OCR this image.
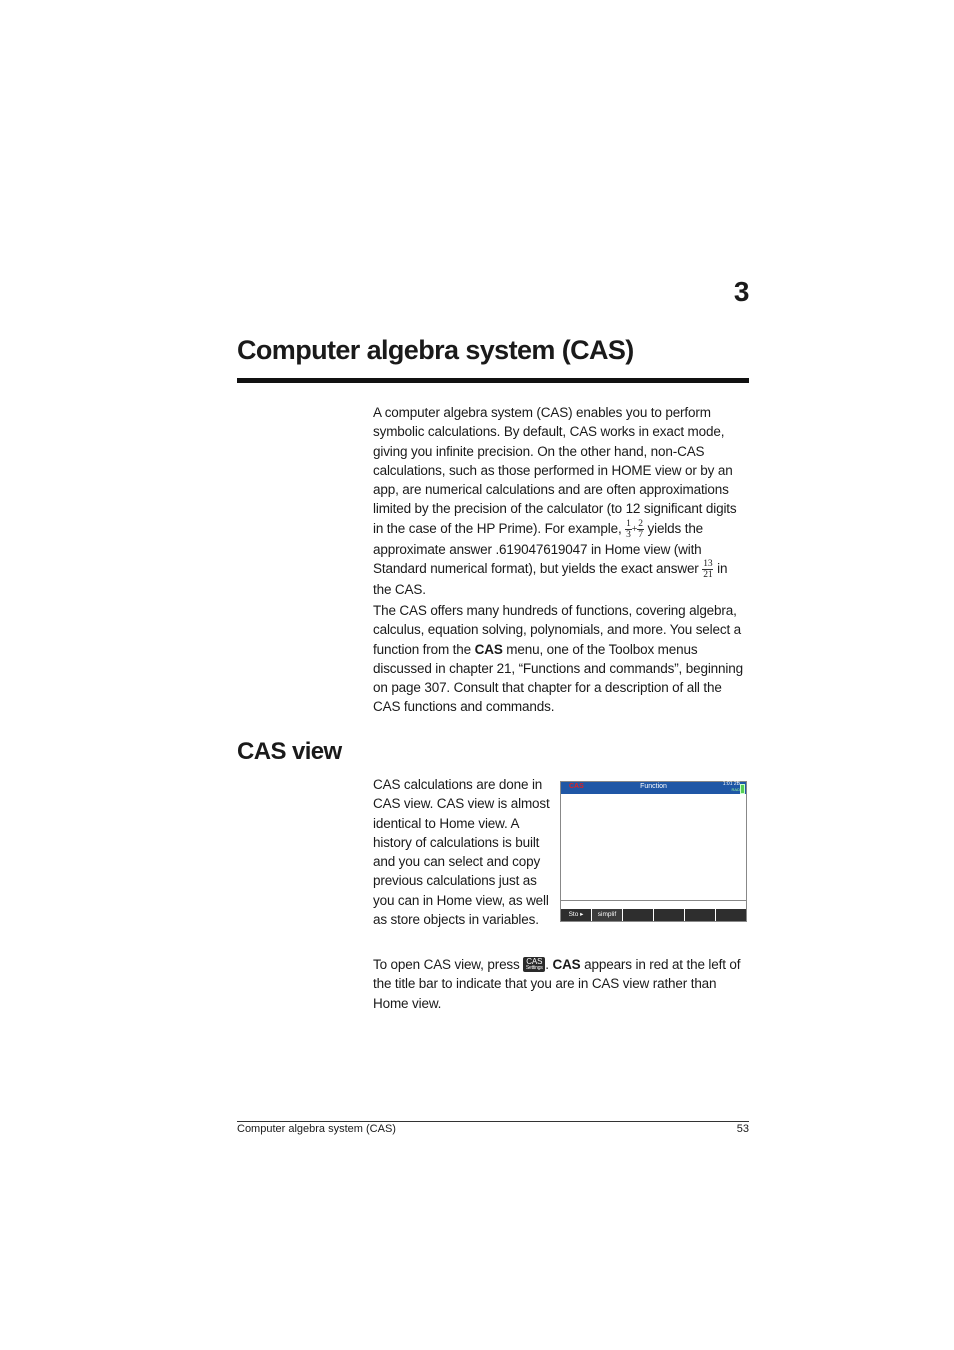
3
Computer algebra system (CAS)

A computer algebra system (CAS) enables you to perform symbolic calculations. By default, CAS works in exact mode, giving you infinite precision. On the other hand, non-CAS calculations, such as those performed in HOME view or by an app, are numerical calculations and are often approximations limited by the precision of the calculator (to 12 significant digits in the case of the HP Prime). For example, $\frac{1}{3} + \frac{2}{7}$ yields the approximate answer .619047619047 in Home view (with Standard numerical format), but yields the exact answer $\frac{13}{21}$ in the CAS.

The CAS offers many hundreds of functions, covering algebra, calculus, equation solving, polynomials, and more. You select a function from the CAS menu, one of the Toolbox menus discussed in chapter 21, “Functions and commands”, beginning on page 307. Consult that chapter for a description of all the CAS functions and commands.

CAS view

CAS calculations are done in CAS view. CAS view is almost identical to Home view. A history of calculations is built and you can select and copy previous calculations just as you can in Home view, as well as store objects in variables.

CAS	Function	1:01 2B
RAD
Sto ▸	simplif

To open CAS view, press CAS
Settings . CAS appears in red at the left of the title bar to indicate that you are in CAS view rather than Home view.

Computer algebra system (CAS)	53
